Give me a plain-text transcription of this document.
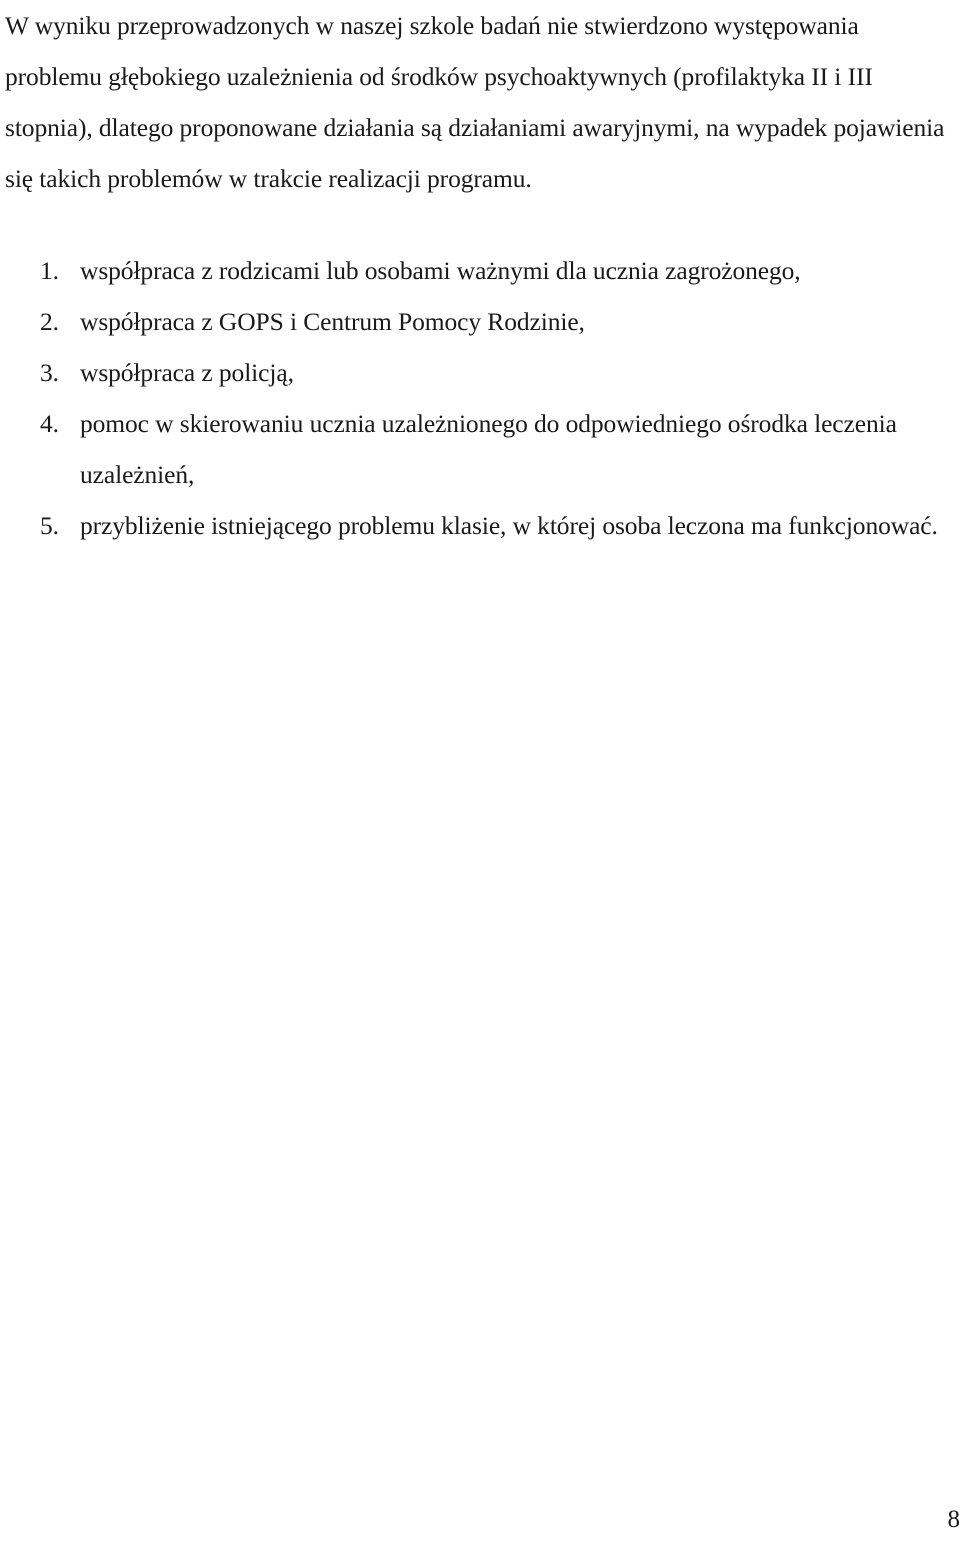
W wyniku przeprowadzonych w naszej szkole badań nie stwierdzono występowania problemu głębokiego uzależnienia od środków psychoaktywnych (profilaktyka II i III stopnia), dlatego proponowane działania są działaniami awaryjnymi, na wypadek pojawienia się takich problemów w trakcie realizacji programu.

1. współpraca z rodzicami lub osobami ważnymi dla ucznia zagrożonego,
2. współpraca z GOPS i Centrum Pomocy Rodzinie,
3. współpraca z policją,
4. pomoc w skierowaniu ucznia uzależnionego do odpowiedniego ośrodka leczenia uzależnień,
5. przybliżenie istniejącego problemu klasie, w której osoba leczona ma funkcjonować.
8
